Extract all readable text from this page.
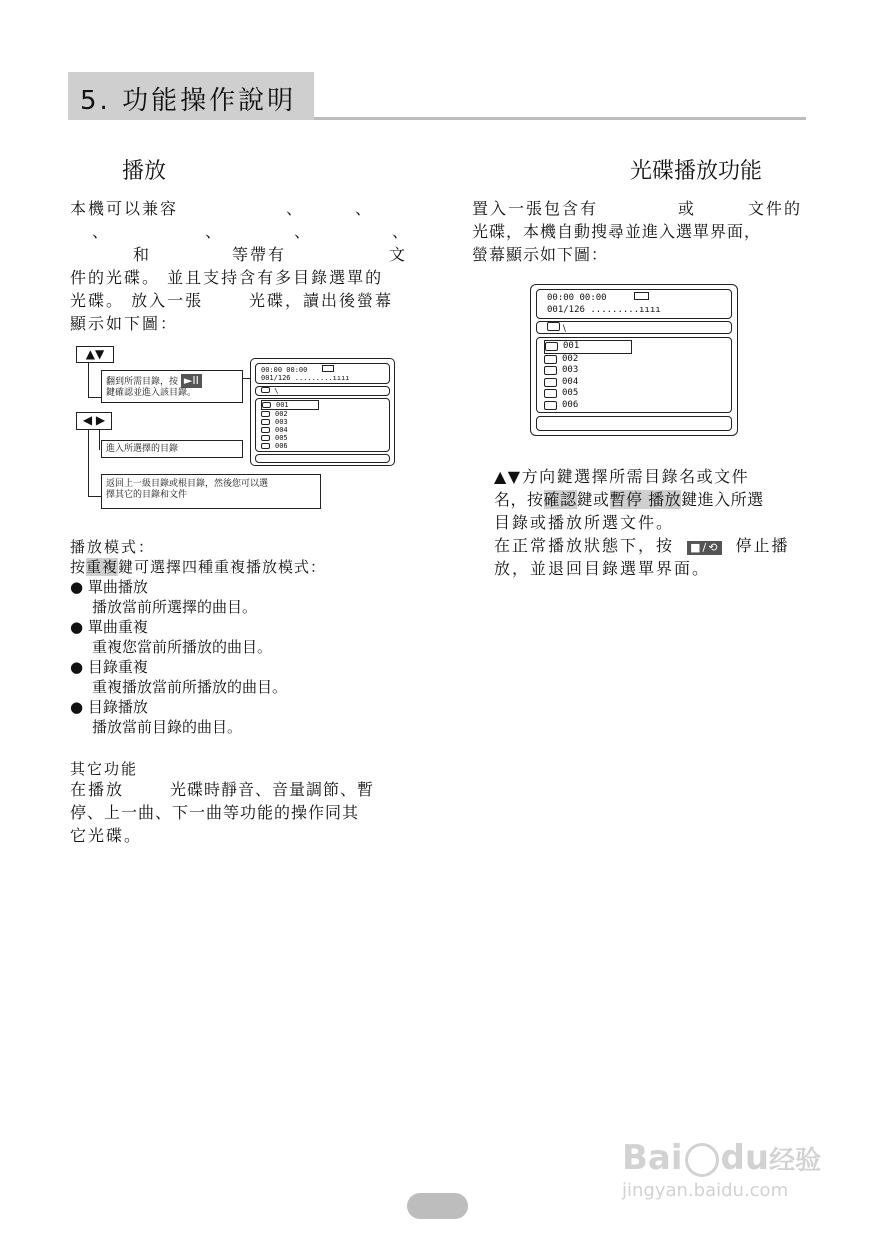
5. 功能操作說明
播放
本機可以兼容	、	、
、	、	、	、
和	等帶有	文
件的光碟。 並且支持含有多目錄選單的
光碟。 放入一張	光碟，讀出後螢幕
顯示如下圖：
▲▼
翻到所需目錄，按 ►II
鍵確認並進入該目錄。
◀ ▶
進入所選擇的目錄
返回上一級目錄或根目錄，然後您可以選
擇其它的目錄和文件
00:00 00:00
001/126 .........ıııı
\
001
002
003
004
005
006
播放模式：
按重複鍵可選擇四種重複播放模式：
● 單曲播放
播放當前所選擇的曲目。
● 單曲重複
重複您當前所播放的曲目。
● 目錄重複
重複播放當前所播放的曲目。
● 目錄播放
播放當前目錄的曲目。
其它功能
在播放	光碟時靜音、音量調節、暫
停、上一曲、下一曲等功能的操作同其
它光碟。
光碟播放功能
置入一張包含有	或	文件的
光碟，本機自動搜尋並進入選單界面，
螢幕顯示如下圖：
00:00 00:00
001/126 .........ıııı
\
001
002
003
004
005
006
▲▼方向鍵選擇所需目錄名或文件
名，按確認鍵或暫停 播放鍵進入所選
目錄或播放所選文件。
在正常播放狀態下，按 ■/⟲ 停止播
放，並退回目錄選單界面。
Bai du经验
jingyan.baidu.com
